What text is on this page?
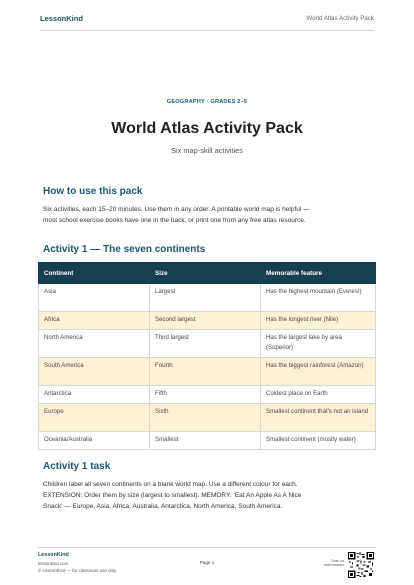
LessonKind	World Atlas Activity Pack
GEOGRAPHY · GRADES 2–5
World Atlas Activity Pack
Six map-skill activities
How to use this pack
Six activities, each 15–20 minutes. Use them in any order. A printable world map is helpful —
most school exercise books have one in the back, or print one from any free atlas resource.
Activity 1 — The seven continents
Continent	Size	Memorable feature
Asia	Largest	Has the highest mountain (Everest)
Africa	Second largest	Has the longest river (Nile)
North America	Third largest	Has the largest lake by area (Superior)
South America	Fourth	Has the biggest rainforest (Amazon)
Antarctica	Fifth	Coldest place on Earth
Europe	Sixth	Smallest continent that's not an island
Oceania/Australia	Smallest	Smallest continent (mostly water)
Activity 1 task
Children label all seven continents on a blank world map. Use a different colour for each.
EXTENSION: Order them by size (largest to smallest). MEMORY: 'Eat An Apple As A Nice
Snack' — Europe, Asia, Africa, Australia, Antarctica, North America, South America.
LessonKind
lessonkind.com
© LessonKind — for classroom use only
Page 1	Scan for
more lessons
